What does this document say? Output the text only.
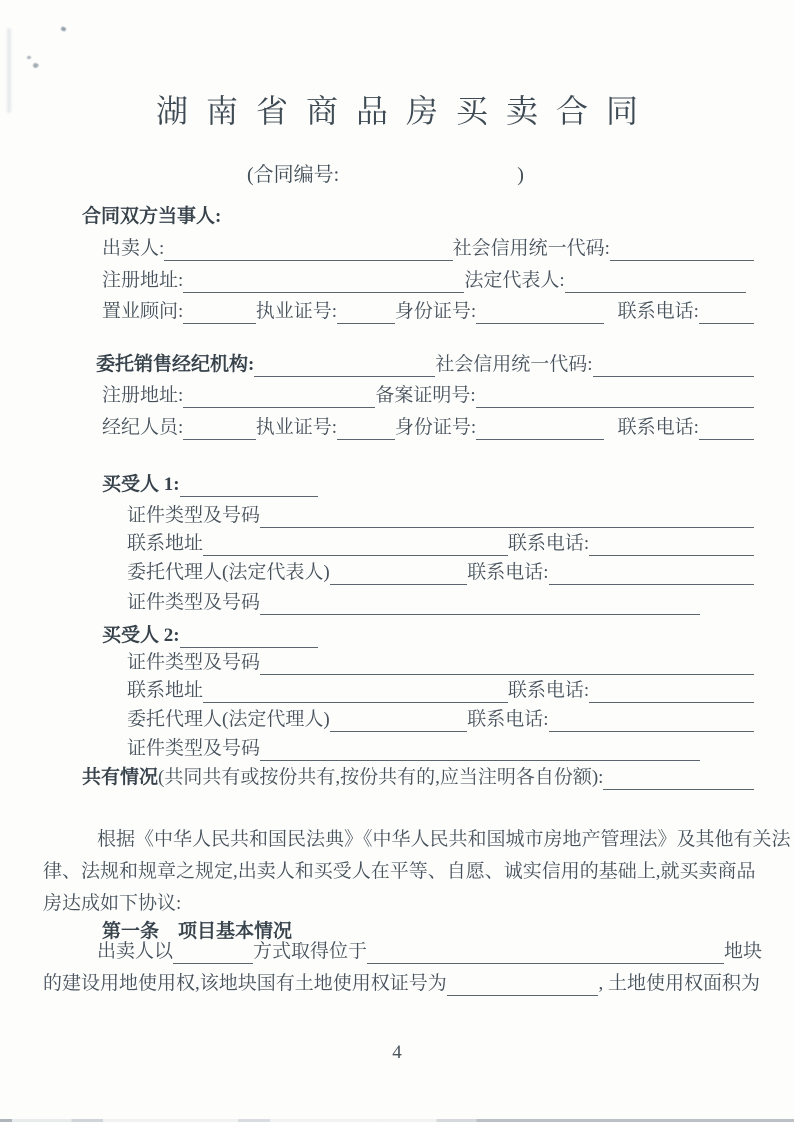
湖南省商品房买卖合同
(合同编号:	)
合同双方当事人:
出卖人:	社会信用统一代码:
注册地址:	法定代表人:
置业顾问:	执业证号:	身份证号:	联系电话:
委托销售经纪机构:	社会信用统一代码:
注册地址:	备案证明号:
经纪人员:	执业证号:	身份证号:	联系电话:
买受人 1:
证件类型及号码
联系地址	联系电话:
委托代理人(法定代表人)	联系电话:
证件类型及号码
买受人 2:
证件类型及号码
联系地址	联系电话:
委托代理人(法定代理人)	联系电话:
证件类型及号码
共有情况 (共同共有或按份共有,按份共有的,应当注明各自份额):
根据《中华人民共和国民法典》《中华人民共和国城市房地产管理法》及其他有关法
律、法规和规章之规定,出卖人和买受人在平等、自愿、诚实信用的基础上,就买卖商品
房达成如下协议:
第一条 项目基本情况
出卖人以	方式取得位于	地块
的建设用地使用权,该地块国有土地使用权证号为	, 土地使用权面积为
4
